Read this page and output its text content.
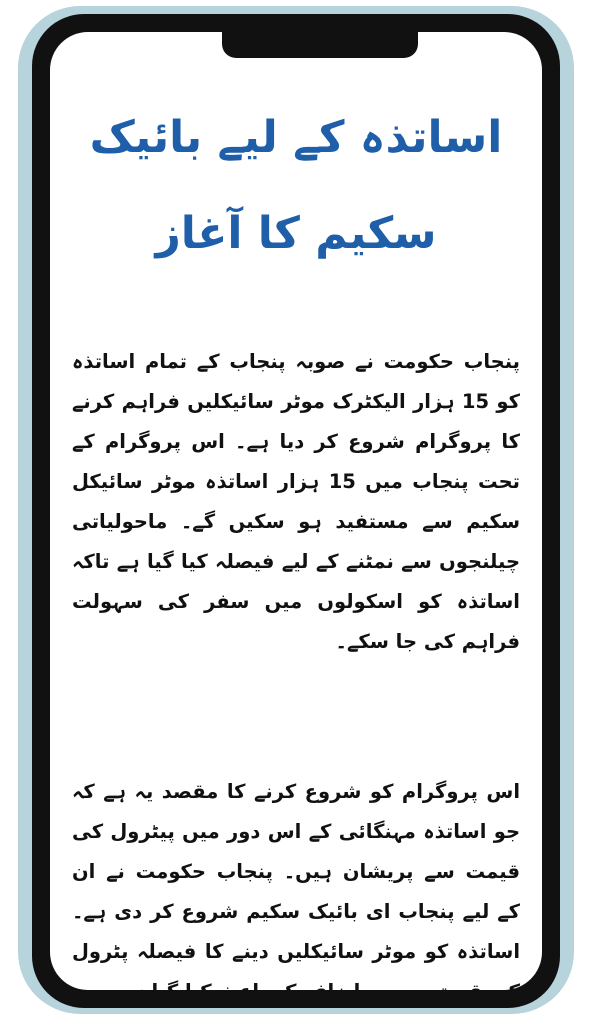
اساتذہ کے لیے بائیک سکیم کا آغاز
پنجاب حکومت نے صوبہ پنجاب کے تمام اساتذہ کو 15 ہزار الیکٹرک موٹر سائیکلیں فراہم کرنے کا پروگرام شروع کر دیا ہے۔ اس پروگرام کے تحت پنجاب میں 15 ہزار اساتذہ موٹر سائیکل سکیم سے مستفید ہو سکیں گے۔ ماحولیاتی چیلنجوں سے نمٹنے کے لیے فیصلہ کیا گیا ہے تاکہ اساتذہ کو اسکولوں میں سفر کی سہولت فراہم کی جا سکے۔
اس پروگرام کو شروع کرنے کا مقصد یہ ہے کہ جو اساتذہ مہنگائی کے اس دور میں پیٹرول کی قیمت سے پریشان ہیں۔ پنجاب حکومت نے ان کے لیے پنجاب ای بائیک سکیم شروع کر دی ہے۔ اساتذہ کو موٹر سائیکلیں دینے کا فیصلہ پٹرول کی قیمتوں میں اضافے کے باعث کیا گیا ہے۔
